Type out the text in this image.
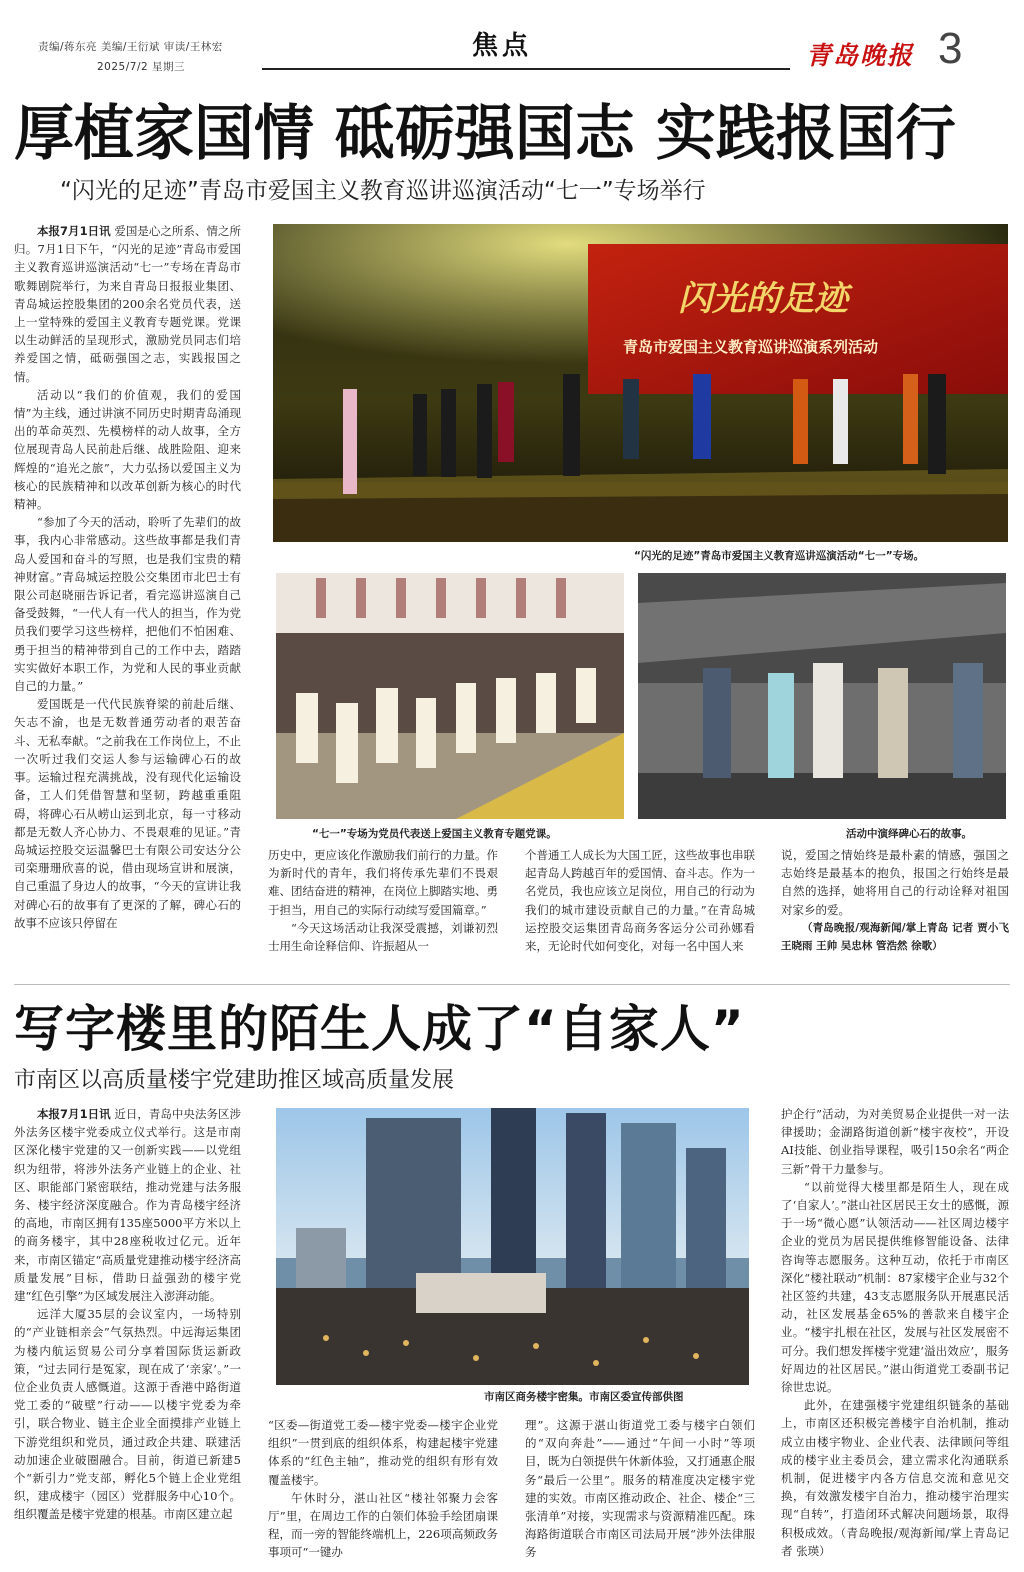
责编/蒋东亮 美编/王衍斌 审读/王林宏
2025/7/2 星期三
焦点	青岛晚报 3
厚植家国情 砥砺强国志 实践报国行
“闪光的足迹”青岛市爱国主义教育巡讲巡演活动“七一”专场举行

本报7月1日讯 爱国是心之所系、情之所归。7月1日下午，“闪光的足迹”青岛市爱国主义教育巡讲巡演活动“七一”专场在青岛市歌舞剧院举行，为来自青岛日报报业集团、青岛城运控股集团的200余名党员代表，送上一堂特殊的爱国主义教育专题党课。党课以生动鲜活的呈现形式，激励党员同志们培养爱国之情，砥砺强国之志，实践报国之情。

活动以“我们的价值观，我们的爱国情”为主线，通过讲演不同历史时期青岛涌现出的革命英烈、先模榜样的动人故事，全方位展现青岛人民前赴后继、战胜险阻、迎来辉煌的“追光之旅”，大力弘扬以爱国主义为核心的民族精神和以改革创新为核心的时代精神。

“参加了今天的活动，聆听了先辈们的故事，我内心非常感动。这些故事都是我们青岛人爱国和奋斗的写照，也是我们宝贵的精神财富。”青岛城运控股公交集团市北巴士有限公司赵晓丽告诉记者，看完巡讲巡演自己备受鼓舞，“一代人有一代人的担当，作为党员我们要学习这些榜样，把他们不怕困难、勇于担当的精神带到自己的工作中去，踏踏实实做好本职工作，为党和人民的事业贡献自己的力量。”

爱国既是一代代民族脊梁的前赴后继、矢志不渝，也是无数普通劳动者的艰苦奋斗、无私奉献。“之前我在工作岗位上，不止一次听过我们交运人参与运输碑心石的故事。运输过程充满挑战，没有现代化运输设备，工人们凭借智慧和坚韧，跨越重重阻碍，将碑心石从崂山运到北京，每一寸移动都是无数人齐心协力、不畏艰难的见证。”青岛城运控股交运温馨巴士有限公司安达分公司栾珊珊欣喜的说，借由现场宣讲和展演，自己重温了身边人的故事，“今天的宣讲让我对碑心石的故事有了更深的了解，碑心石的故事不应该只停留在

闪光的足迹
青岛市爱国主义教育巡讲巡演系列活动
“闪光的足迹”青岛市爱国主义教育巡讲巡演活动“七一”专场。
“七一”专场为党员代表送上爱国主义教育专题党课。	活动中演绎碑心石的故事。

历史中，更应该化作激励我们前行的力量。作为新时代的青年，我们将传承先辈们不畏艰难、团结奋进的精神，在岗位上脚踏实地、勇于担当，用自己的实际行动续写爱国篇章。”

“今天这场活动让我深受震撼，刘谦初烈士用生命诠释信仰、许振超从一

个普通工人成长为大国工匠，这些故事也串联起青岛人跨越百年的爱国情、奋斗志。作为一名党员，我也应该立足岗位，用自己的行动为我们的城市建设贡献自己的力量。”在青岛城运控股交运集团青岛商务客运分公司孙娜看来，无论时代如何变化，对每一名中国人来

说，爱国之情始终是最朴素的情感，强国之志始终是最基本的抱负，报国之行始终是最自然的选择，她将用自己的行动诠释对祖国对家乡的爱。

（青岛晚报/观海新闻/掌上青岛 记者 贾小飞 王晓雨 王帅 吴忠林 管浩然 徐歌）

写字楼里的陌生人成了“自家人”
市南区以高质量楼宇党建助推区域高质量发展

本报7月1日讯 近日，青岛中央法务区涉外法务区楼宇党委成立仪式举行。这是市南区深化楼宇党建的又一创新实践——以党组织为纽带，将涉外法务产业链上的企业、社区、职能部门紧密联结，推动党建与法务服务、楼宇经济深度融合。作为青岛楼宇经济的高地，市南区拥有135座5000平方米以上的商务楼宇，其中28座税收过亿元。近年来，市南区锚定“高质量党建推动楼宇经济高质量发展”目标，借助日益强劲的楼宇党建“红色引擎”为区域发展注入澎湃动能。

远洋大厦35层的会议室内，一场特别的“产业链相亲会”气氛热烈。中远海运集团为楼内航运贸易公司分享着国际货运新政策，“过去同行是冤家，现在成了‘亲家’。”一位企业负责人感慨道。这源于香港中路街道党工委的“破壁”行动——以楼宇党委为牵引，联合物业、链主企业全面摸排产业链上下游党组织和党员，通过政企共建、联建活动加速企业破圈融合。目前，街道已新建5个“新引力”党支部，孵化5个链上企业党组织，建成楼宇（园区）党群服务中心10个。组织覆盖是楼宇党建的根基。市南区建立起

市南区商务楼宇密集。市南区委宣传部供图

“区委—街道党工委—楼宇党委—楼宇企业党组织”一贯到底的组织体系，构建起楼宇党建体系的“红色主轴”，推动党的组织有形有效覆盖楼宇。

午休时分，湛山社区“楼社邻聚力会客厅”里，在周边工作的白领们体验手绘团扇课程，而一旁的智能终端机上，226项高频政务事项可“一键办

理”。这源于湛山街道党工委与楼宇白领们的“双向奔赴”——通过“午间一小时”等项目，既为白领提供午休新体验，又打通惠企服务“最后一公里”。服务的精准度决定楼宇党建的实效。市南区推动政企、社企、楼企“三张清单”对接，实现需求与资源精准匹配。珠海路街道联合市南区司法局开展“涉外法律服务

护企行”活动，为对美贸易企业提供一对一法律援助；金湖路街道创新“楼宇夜校”，开设AI技能、创业指导课程，吸引150余名“两企三新”骨干力量参与。

“以前觉得大楼里都是陌生人，现在成了‘自家人’。”湛山社区居民王女士的感慨，源于一场“微心愿”认领活动——社区周边楼宇企业的党员为居民提供维修智能设备、法律咨询等志愿服务。这种互动，依托于市南区深化“楼社联动”机制：87家楼宇企业与32个社区签约共建，43支志愿服务队开展惠民活动，社区发展基金65%的善款来自楼宇企业。“楼宇扎根在社区，发展与社区发展密不可分。我们想发挥楼宇党建‘溢出效应’，服务好周边的社区居民。”湛山街道党工委副书记徐世忠说。

此外，在建强楼宇党建组织链条的基础上，市南区还积极完善楼宇自治机制，推动成立由楼宇物业、企业代表、法律顾问等组成的楼宇业主委员会，建立需求化沟通联系机制，促进楼宇内各方信息交流和意见交换，有效激发楼宇自治力，推动楼宇治理实现“自转”，打造闭环式解决问题场景，取得积极成效。（青岛晚报/观海新闻/掌上青岛记者 张瑛）
